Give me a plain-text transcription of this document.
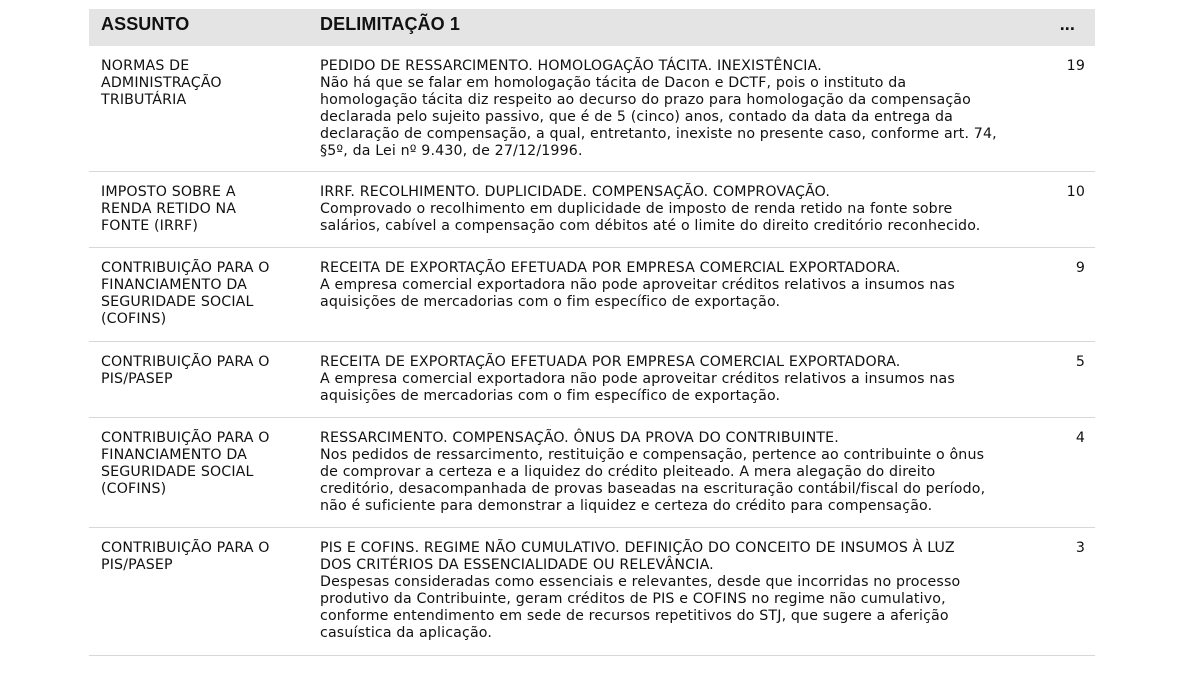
ASSUNTO	DELIMITAÇÃO 1	...
NORMAS DE
ADMINISTRAÇÃO
TRIBUTÁRIA
PEDIDO DE RESSARCIMENTO. HOMOLOGAÇÃO TÁCITA. INEXISTÊNCIA.
Não há que se falar em homologação tácita de Dacon e DCTF, pois o instituto da
homologação tácita diz respeito ao decurso do prazo para homologação da compensação
declarada pelo sujeito passivo, que é de 5 (cinco) anos, contado da data da entrega da
declaração de compensação, a qual, entretanto, inexiste no presente caso, conforme art. 74,
§5º, da Lei nº 9.430, de 27/12/1996.
19
IMPOSTO SOBRE A
RENDA RETIDO NA
FONTE (IRRF)
IRRF. RECOLHIMENTO. DUPLICIDADE. COMPENSAÇÃO. COMPROVAÇÃO.
Comprovado o recolhimento em duplicidade de imposto de renda retido na fonte sobre
salários, cabível a compensação com débitos até o limite do direito creditório reconhecido.
10
CONTRIBUIÇÃO PARA O
FINANCIAMENTO DA
SEGURIDADE SOCIAL
(COFINS)
RECEITA DE EXPORTAÇÃO EFETUADA POR EMPRESA COMERCIAL EXPORTADORA.
A empresa comercial exportadora não pode aproveitar créditos relativos a insumos nas
aquisições de mercadorias com o fim específico de exportação.
9
CONTRIBUIÇÃO PARA O
PIS/PASEP
RECEITA DE EXPORTAÇÃO EFETUADA POR EMPRESA COMERCIAL EXPORTADORA.
A empresa comercial exportadora não pode aproveitar créditos relativos a insumos nas
aquisições de mercadorias com o fim específico de exportação.
5
CONTRIBUIÇÃO PARA O
FINANCIAMENTO DA
SEGURIDADE SOCIAL
(COFINS)
RESSARCIMENTO. COMPENSAÇÃO. ÔNUS DA PROVA DO CONTRIBUINTE.
Nos pedidos de ressarcimento, restituição e compensação, pertence ao contribuinte o ônus
de comprovar a certeza e a liquidez do crédito pleiteado. A mera alegação do direito
creditório, desacompanhada de provas baseadas na escrituração contábil/fiscal do período,
não é suficiente para demonstrar a liquidez e certeza do crédito para compensação.
4
CONTRIBUIÇÃO PARA O
PIS/PASEP
PIS E COFINS. REGIME NÃO CUMULATIVO. DEFINIÇÃO DO CONCEITO DE INSUMOS À LUZ
DOS CRITÉRIOS DA ESSENCIALIDADE OU RELEVÂNCIA.
Despesas consideradas como essenciais e relevantes, desde que incorridas no processo
produtivo da Contribuinte, geram créditos de PIS e COFINS no regime não cumulativo,
conforme entendimento em sede de recursos repetitivos do STJ, que sugere a aferição
casuística da aplicação.
3
